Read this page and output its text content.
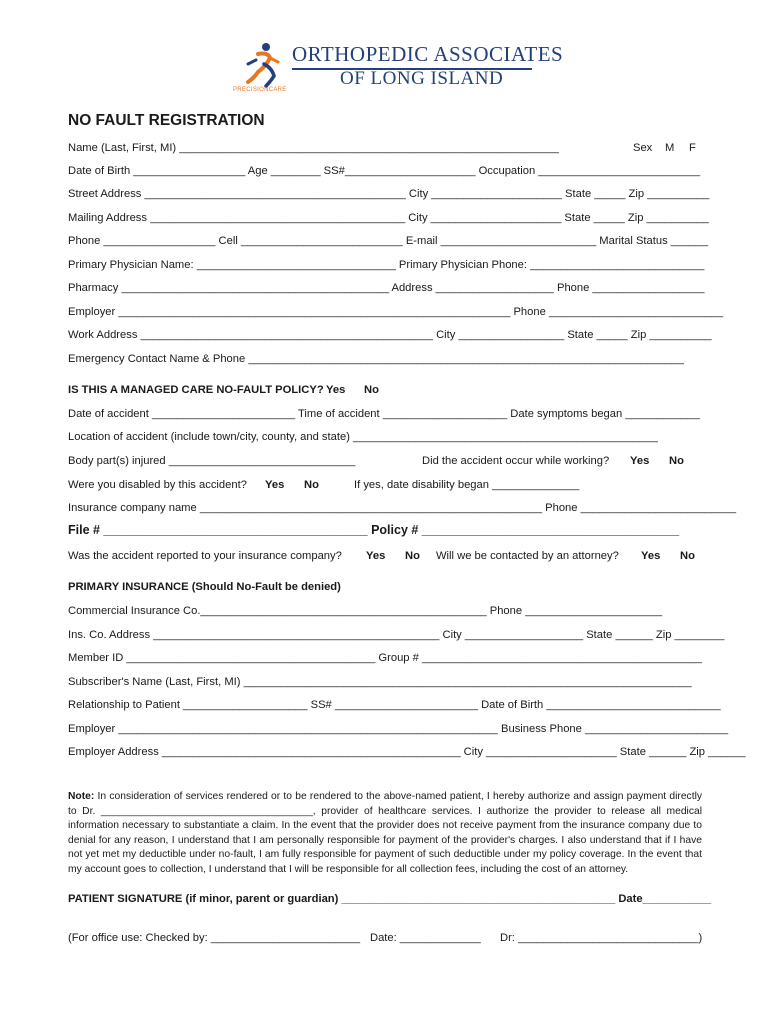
ORTHOPEDIC ASSOCIATES
OF LONG ISLAND
PRECISIONCARE
NO FAULT REGISTRATION
Name (Last, First, MI) _____________________________________________________________	Sex M F
Date of Birth __________________ Age ________ SS#_____________________ Occupation __________________________
Street Address __________________________________________ City _____________________ State _____ Zip __________
Mailing Address _________________________________________ City _____________________ State _____ Zip __________
Phone __________________ Cell __________________________ E-mail _________________________ Marital Status ______
Primary Physician Name: ________________________________ Primary Physician Phone: ____________________________
Pharmacy ___________________________________________ Address ___________________ Phone __________________
Employer _______________________________________________________________ Phone ____________________________
Work Address _______________________________________________ City _________________ State _____ Zip __________
Emergency Contact Name & Phone ______________________________________________________________________
IS THIS A MANAGED CARE NO-FAULT POLICY? Yes No
Date of accident _______________________ Time of accident ____________________ Date symptoms began ____________
Location of accident (include town/city, county, and state) _________________________________________________
Body part(s) injured ______________________________	Did the accident occur while working? Yes No
Were you disabled by this accident? Yes No	If yes, date disability began ______________
Insurance company name _______________________________________________________ Phone _________________________
File # ______________________________________ Policy # _____________________________________
Was the accident reported to your insurance company? Yes No Will we be contacted by an attorney? Yes No
PRIMARY INSURANCE (Should No-Fault be denied)
Commercial Insurance Co.______________________________________________ Phone ______________________
Ins. Co. Address ______________________________________________ City ___________________ State ______ Zip ________
Member ID ________________________________________ Group # _____________________________________________
Subscriber's Name (Last, First, MI) ________________________________________________________________________
Relationship to Patient ____________________ SS# _______________________ Date of Birth ____________________________
Employer _____________________________________________________________ Business Phone _______________________
Employer Address ________________________________________________ City _____________________ State ______ Zip ______
Note: In consideration of services rendered or to be rendered to the above-named patient, I hereby authorize and assign payment directly to Dr. _____________________________________, provider of healthcare services. I authorize the provider to release all medical information necessary to substantiate a claim. In the event that the provider does not receive payment from the insurance company due to denial for any reason, I understand that I am personally responsible for payment of the provider's charges. I also understand that if I have not yet met my deductible under no-fault, I am fully responsible for payment of such deductible under my policy coverage. In the event that my account goes to collection, I understand that I will be responsible for all collection fees, including the cost of an attorney.
PATIENT SIGNATURE (if minor, parent or guardian) ____________________________________________ Date___________
(For office use: Checked by: ________________________ Date: _____________ Dr: _____________________________)
